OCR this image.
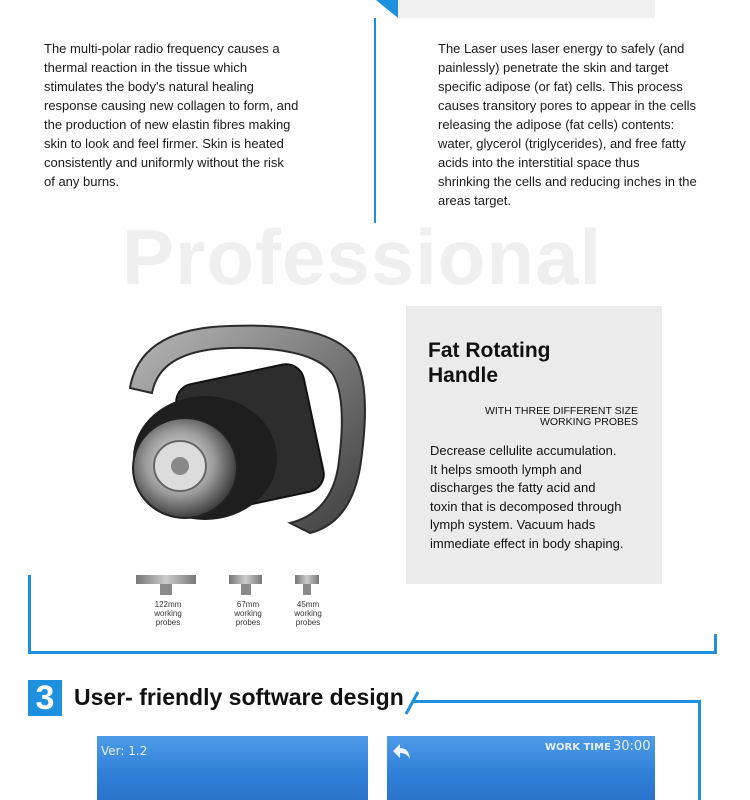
The multi-polar radio frequency causes a
thermal reaction in the tissue which
stimulates the body's natural healing
response causing new collagen to form, and
the production of new elastin fibres making
skin to look and feel firmer. Skin is heated
consistently and uniformly without the risk
of any burns.
The Laser uses laser energy to safely (and
painlessly) penetrate the skin and target
specific adipose (or fat) cells. This process
causes transitory pores to appear in the cells
releasing the adipose (fat cells) contents:
water, glycerol (triglycerides), and free fatty
acids into the interstitial space thus
shrinking the cells and reducing inches in the
areas target.
Professional
122mm
working
probes
67mm
working
probes
45mm
working
probes
Fat Rotating
Handle
WITH THREE DIFFERENT SIZE
WORKING PROBES
Decrease cellulite accumulation.
It helps smooth lymph and
discharges the fatty acid and
toxin that is decomposed through
lymph system. Vacuum hads
immediate effect in body shaping.
3 User- friendly software design
Ver: 1.2	WORK TIME 30:00
